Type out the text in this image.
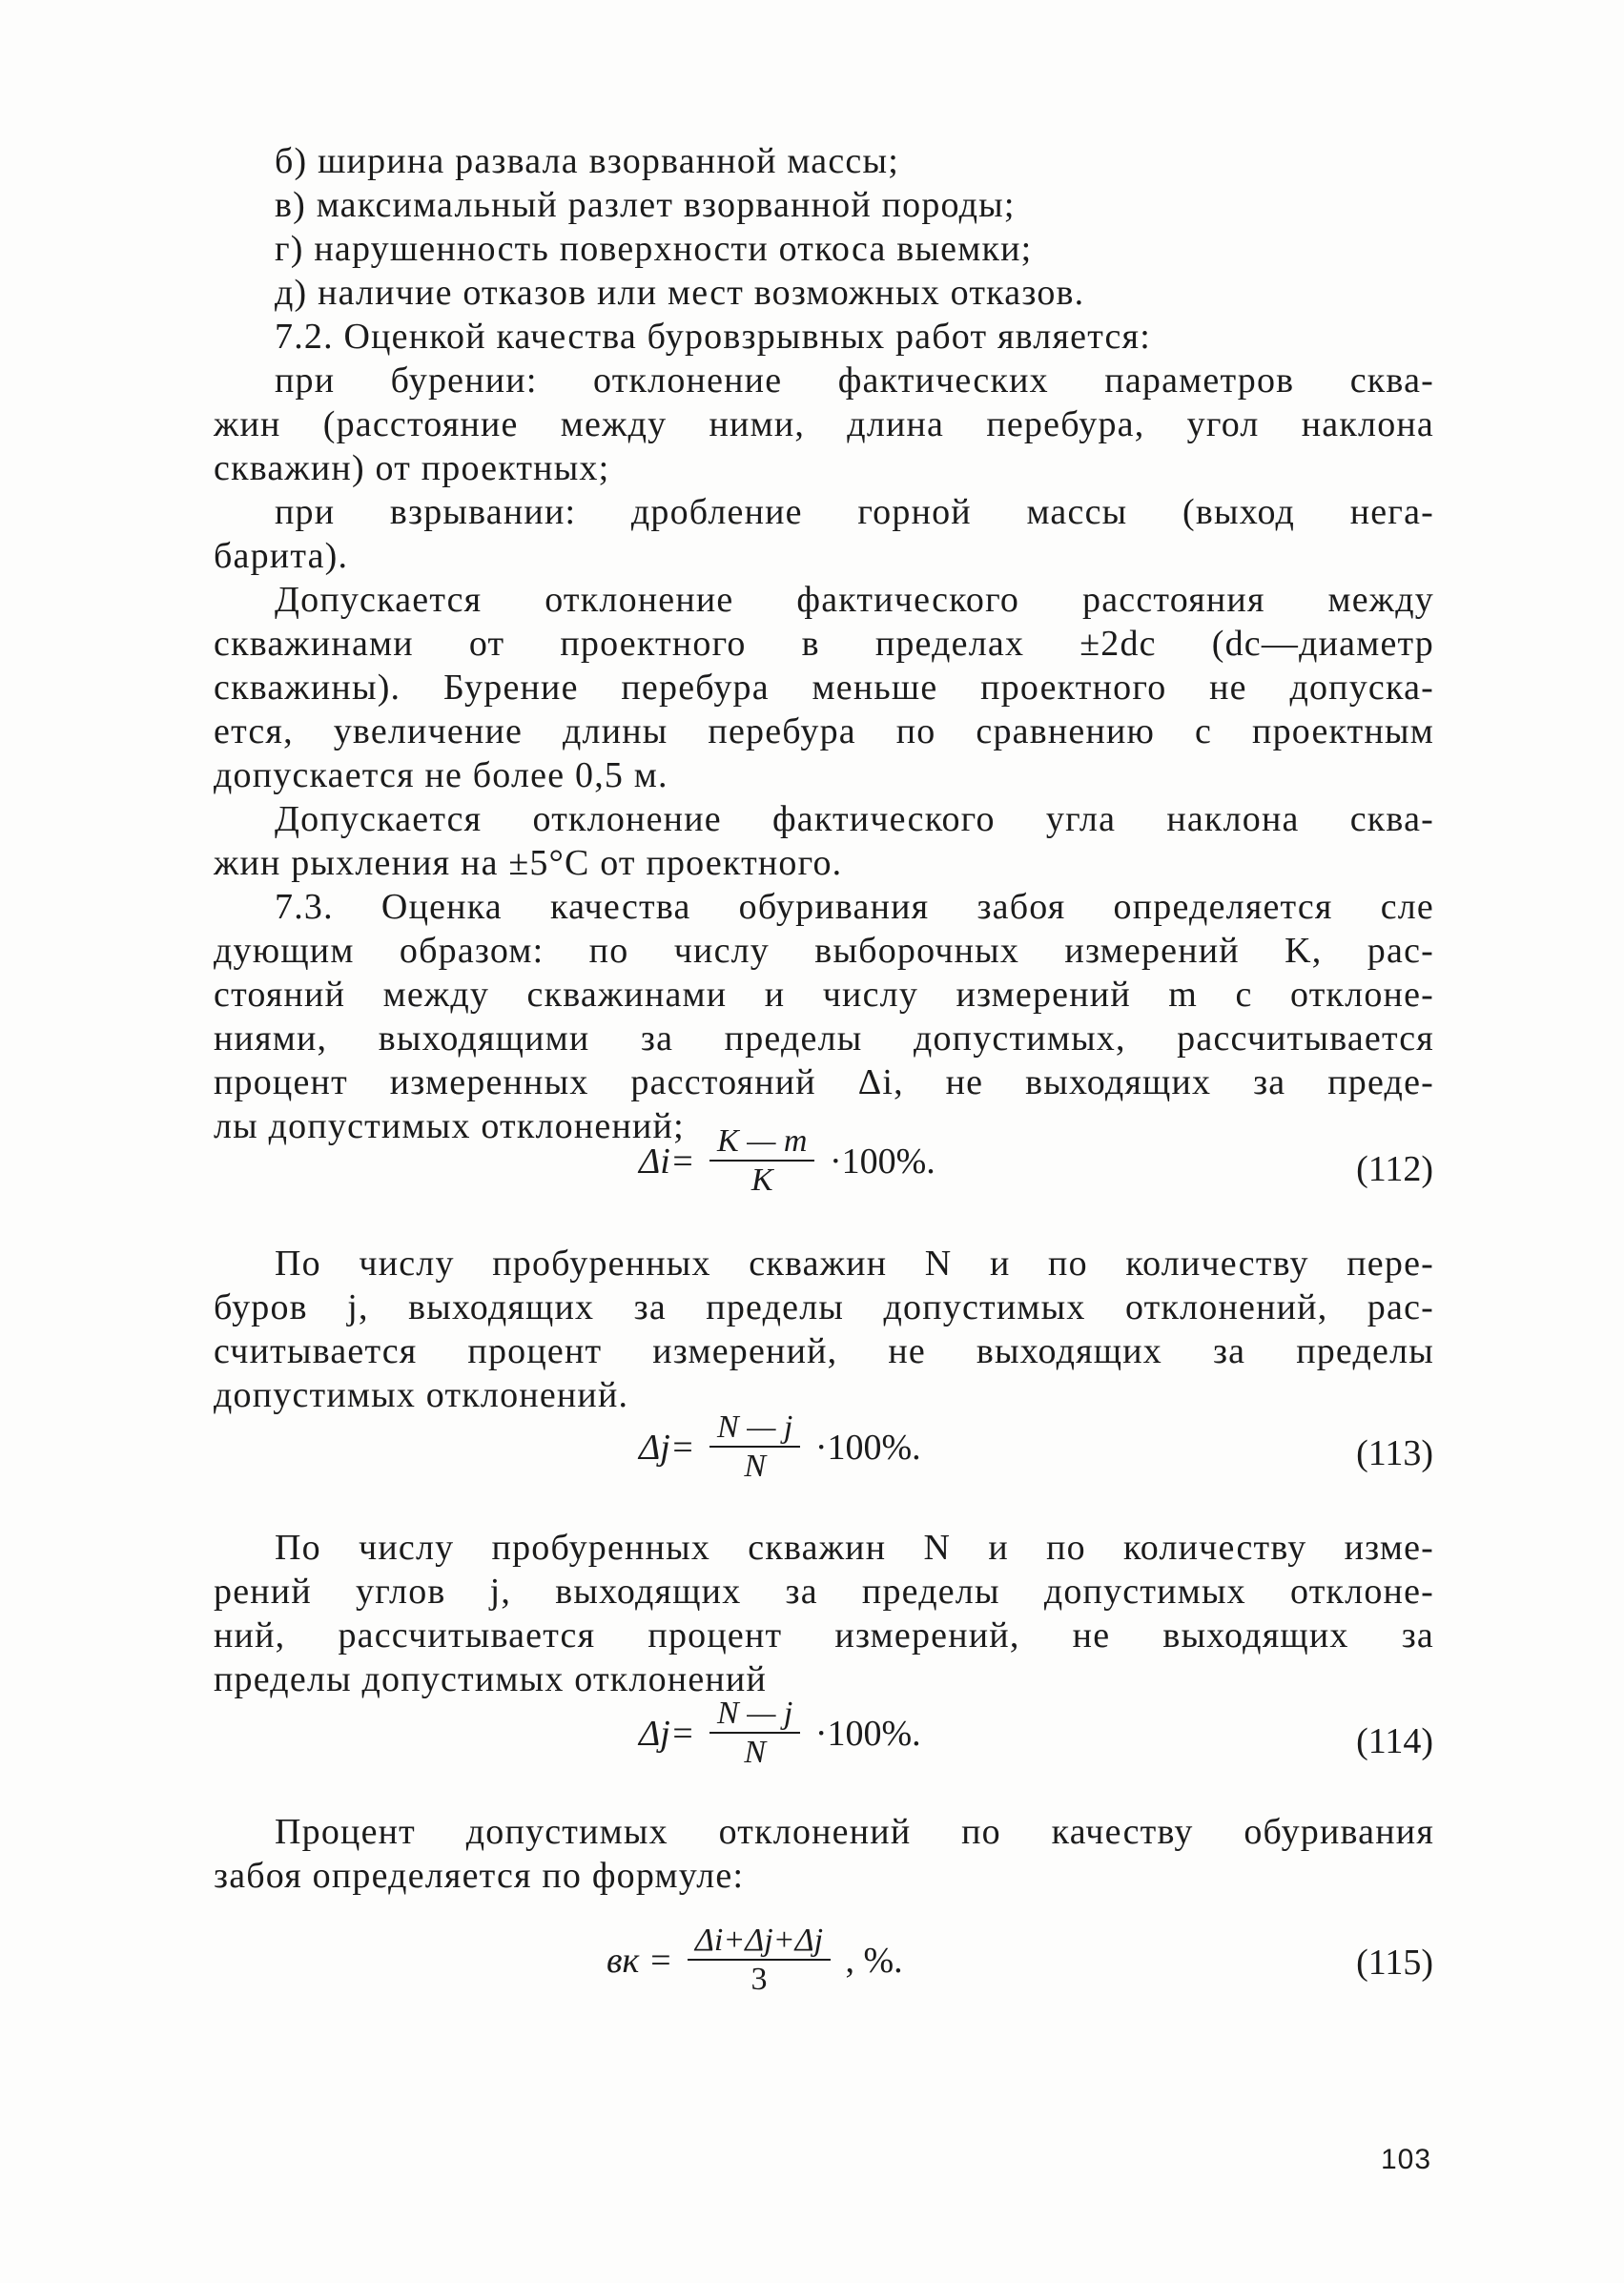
б) ширина развала взорванной массы;
в) максимальный разлет взорванной породы;
г) нарушенность поверхности откоса выемки;
д) наличие отказов или мест возможных отказов.
7.2. Оценкой качества буровзрывных работ является:
при бурении: отклонение фактических параметров сква-
жин (расстояние между ними, длина перебура, угол наклона
скважин) от проектных;
при взрывании: дробление горной массы (выход нега-
барита).
Допускается отклонение фактического расстояния между
скважинами от проектного в пределах ±2dс (dс—диаметр
скважины). Бурение перебура меньше проектного не допуска-
ется, увеличение длины перебура по сравнению с проектным
допускается не более 0,5 м.
Допускается отклонение фактического угла наклона сква-
жин рыхления на ±5°С от проектного.
7.3. Оценка качества обуривания забоя определяется сле
дующим образом: по числу выборочных измерений K, рас-
стояний между скважинами и числу измерений m с отклоне-
ниями, выходящими за пределы допустимых, рассчитывается
процент измеренных расстояний Δi, не выходящих за преде-
лы допустимых отклонений;
$\Delta i= \frac{K — m}{K} \cdot 100\%$.	(112)
По числу пробуренных скважин N и по количеству пере-
буров j, выходящих за пределы допустимых отклонений, рас-
считывается процент измерений, не выходящих за пределы
допустимых отклонений.
$\Delta j= \frac{N — j}{N} \cdot 100\%$.	(113)
По числу пробуренных скважин N и по количеству изме-
рений углов j, выходящих за пределы допустимых отклоне-
ний, рассчитывается процент измерений, не выходящих за
пределы допустимых отклонений
$\Delta j= \frac{N — j}{N} \cdot 100\%$.	(114)
Процент допустимых отклонений по качеству обуривания
забоя определяется по формуле:
вк = $\frac{\Delta i+\Delta j+\Delta j}{3}$ , %.	(115)
103
